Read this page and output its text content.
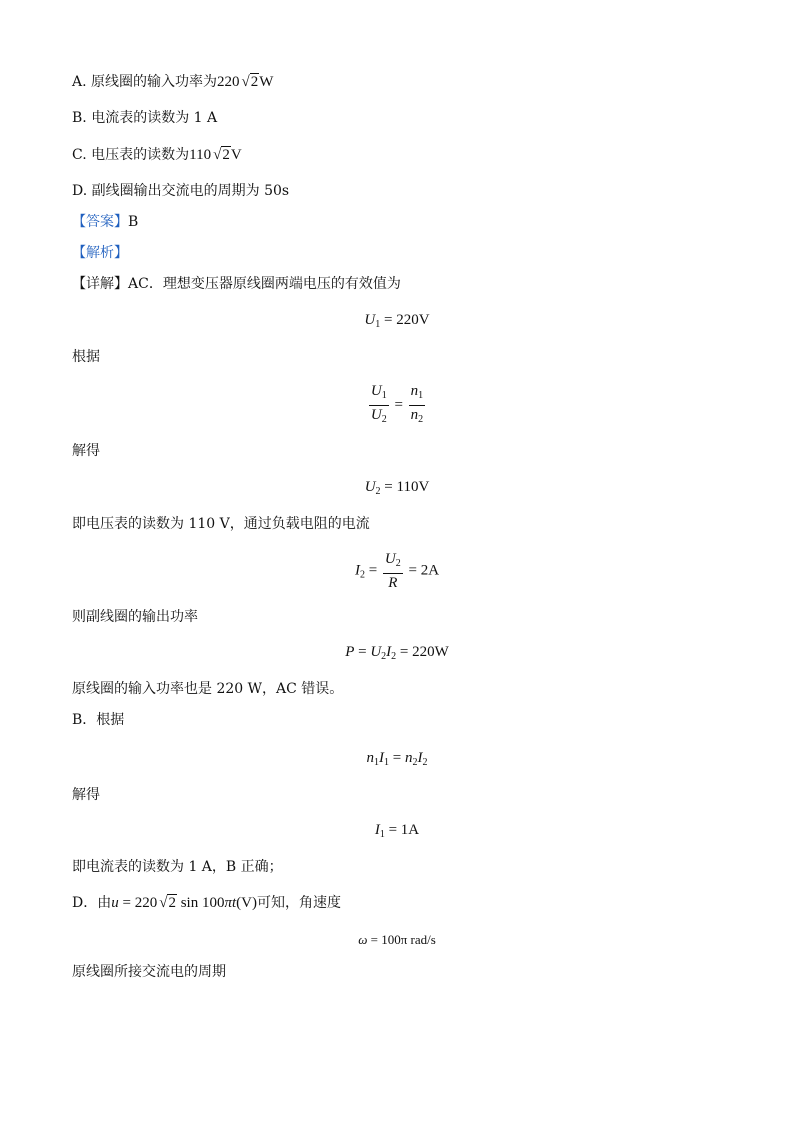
A. 原线圈的输入功率为220 √2W
B. 电流表的读数为 1 A
C. 电压表的读数为110 √2V
D. 副线圈输出交流电的周期为 50s
【答案】B
【解析】
【详解】AC．理想变压器原线圈两端电压的有效值为
$U_1 = 220V$
根据
$\frac{U_1}{U_2} = \frac{n_1}{n_2}$
解得
$U_2 = 110V$
即电压表的读数为 110 V，通过负载电阻的电流
$I_2 = \frac{U_2}{R} = 2A$
则副线圈的输出功率
$P = U_2I_2 = 220W$
原线圈的输入功率也是 220 W，AC 错误。
B．根据
$n_1I_1 = n_2I_2$
解得
$I_1 = 1A$
即电流表的读数为 1 A，B 正确；
D．由u = 220 √2 sin 100πt(V)可知，角速度
ω = 100π rad/s
原线圈所接交流电的周期
